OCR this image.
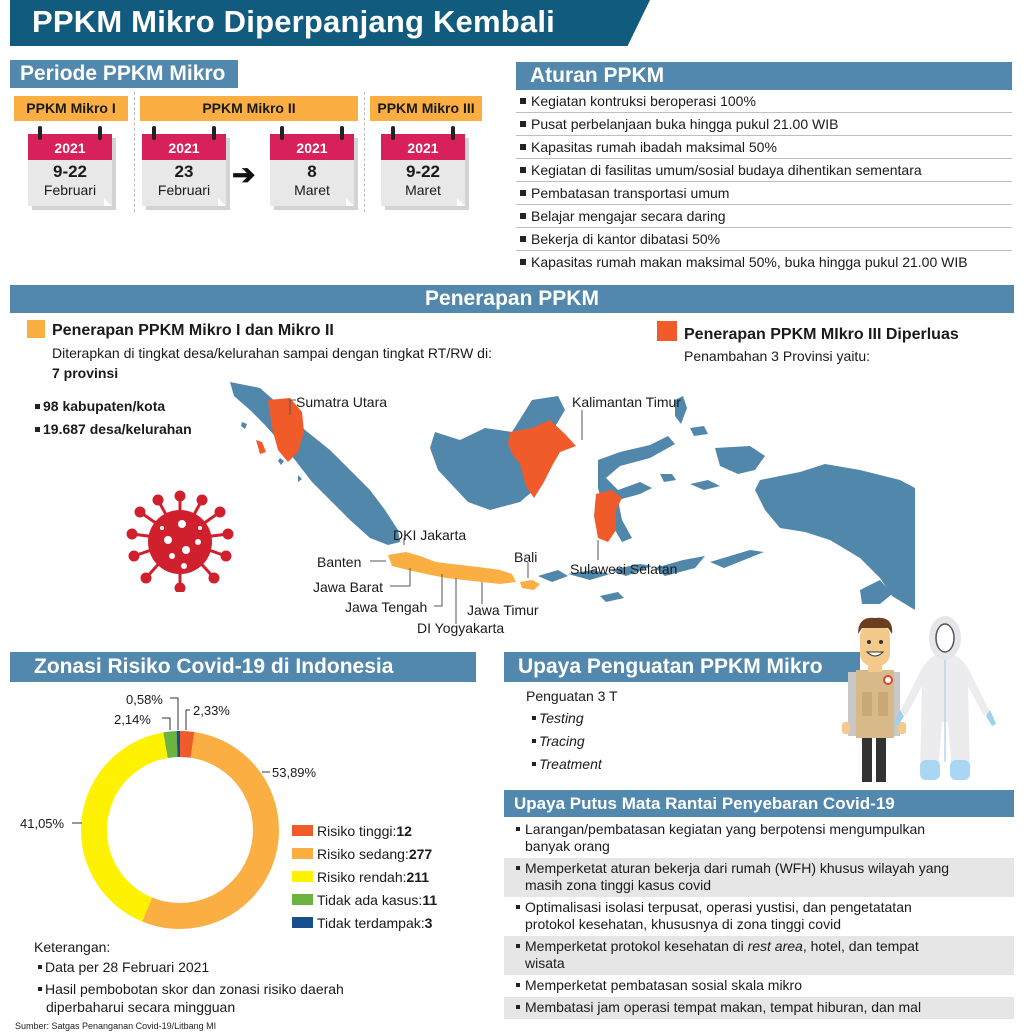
PPKM Mikro Diperpanjang Kembali
Periode PPKM Mikro
PPKM Mikro I	PPKM Mikro II	PPKM Mikro III
2021
9-22
Februari
2021
23
Februari ➔
2021
8
Maret
2021
9-22
Maret
Aturan PPKM
Kegiatan kontruksi beroperasi 100%
Pusat perbelanjaan buka hingga pukul 21.00 WIB
Kapasitas rumah ibadah maksimal 50%
Kegiatan di fasilitas umum/sosial budaya dihentikan sementara
Pembatasan transportasi umum
Belajar mengajar secara daring
Bekerja di kantor dibatasi 50%
Kapasitas rumah makan maksimal 50%, buka hingga pukul 21.00 WIB
Penerapan PPKM
Penerapan PPKM Mikro I dan Mikro II
Diterapkan di tingkat desa/kelurahan sampai dengan tingkat RT/RW di:
7 provinsi
98 kabupaten/kota
19.687 desa/kelurahan
Penerapan PPKM MIkro III Diperluas
Penambahan 3 Provinsi yaitu:
Sumatra Utara	Kalimantan Timur
Sulawesi Selatan
DKI Jakarta
Banten
Jawa Barat
Jawa Tengah
DI Yogyakarta
Jawa Timur
Bali
Zonasi Risiko Covid-19 di Indonesia
0,58%
2,14%
2,33%
53,89%
41,05%	Risiko tinggi: 12
Risiko sedang: 277
Risiko rendah: 211
Tidak ada kasus: 11
Tidak terdampak: 3
Keterangan:
Data per 28 Februari 2021
Hasil pembobotan skor dan zonasi risiko daerah diperbaharui secara mingguan
Sumber: Satgas Penanganan Covid-19/Litbang MI
Upaya Penguatan PPKM Mikro
Penguatan 3 T
Testing
Tracing
Treatment
Upaya Putus Mata Rantai Penyebaran Covid-19
Larangan/pembatasan kegiatan yang berpotensi mengumpulkan
banyak orang
Memperketat aturan bekerja dari rumah (WFH) khusus wilayah yang
masih zona tinggi kasus covid
Optimalisasi isolasi terpusat, operasi yustisi, dan pengetatatan
protokol kesehatan, khususnya di zona tinggi covid
Memperketat protokol kesehatan di rest area, hotel, dan tempat
wisata
Memperketat pembatasan sosial skala mikro
Membatasi jam operasi tempat makan, tempat hiburan, dan mal
